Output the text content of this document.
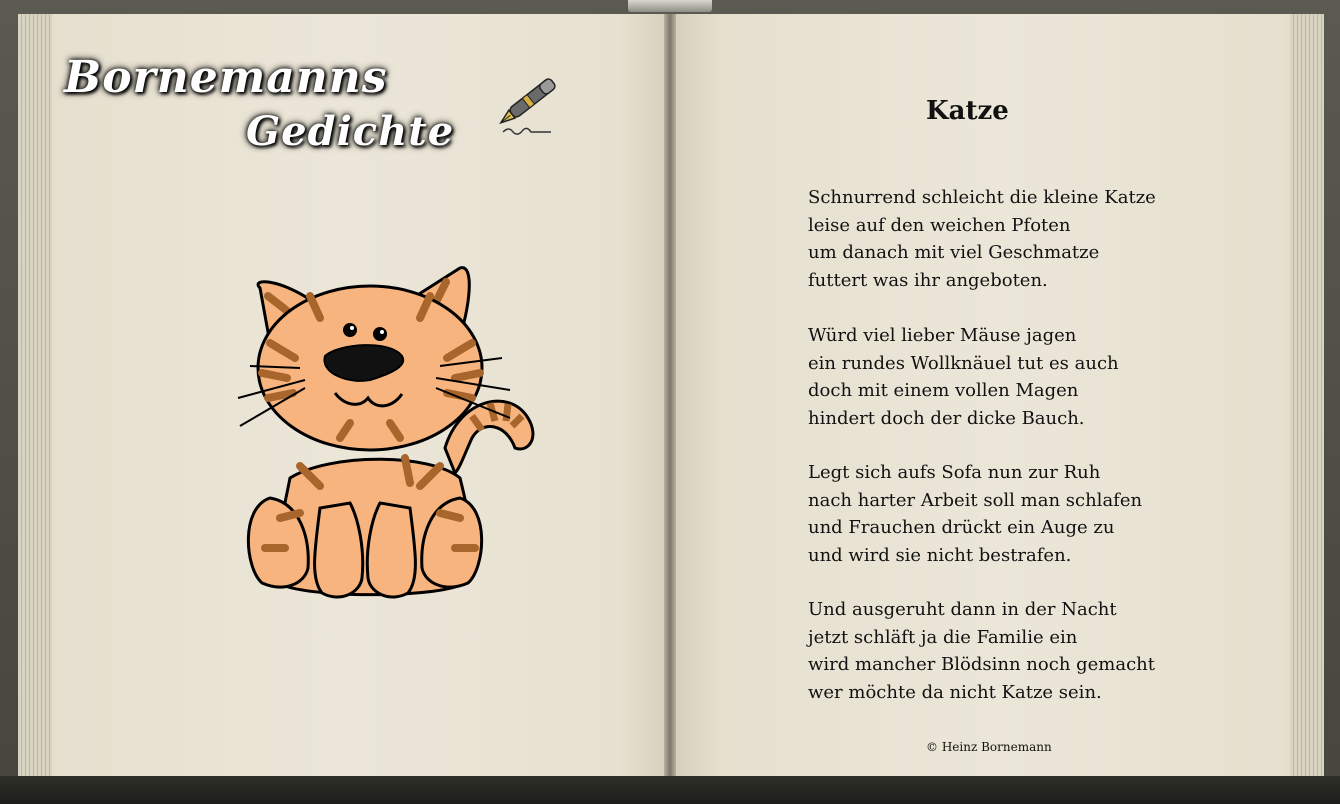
Bornemanns
Gedichte	Katze
Schnurrend schleicht die kleine Katze
leise auf den weichen Pfoten
um danach mit viel Geschmatze
futtert was ihr angeboten.
Würd viel lieber Mäuse jagen
ein rundes Wollknäuel tut es auch
doch mit einem vollen Magen
hindert doch der dicke Bauch.
Legt sich aufs Sofa nun zur Ruh
nach harter Arbeit soll man schlafen
und Frauchen drückt ein Auge zu
und wird sie nicht bestrafen.
Und ausgeruht dann in der Nacht
jetzt schläft ja die Familie ein
wird mancher Blödsinn noch gemacht
wer möchte da nicht Katze sein.
© Heinz Bornemann
